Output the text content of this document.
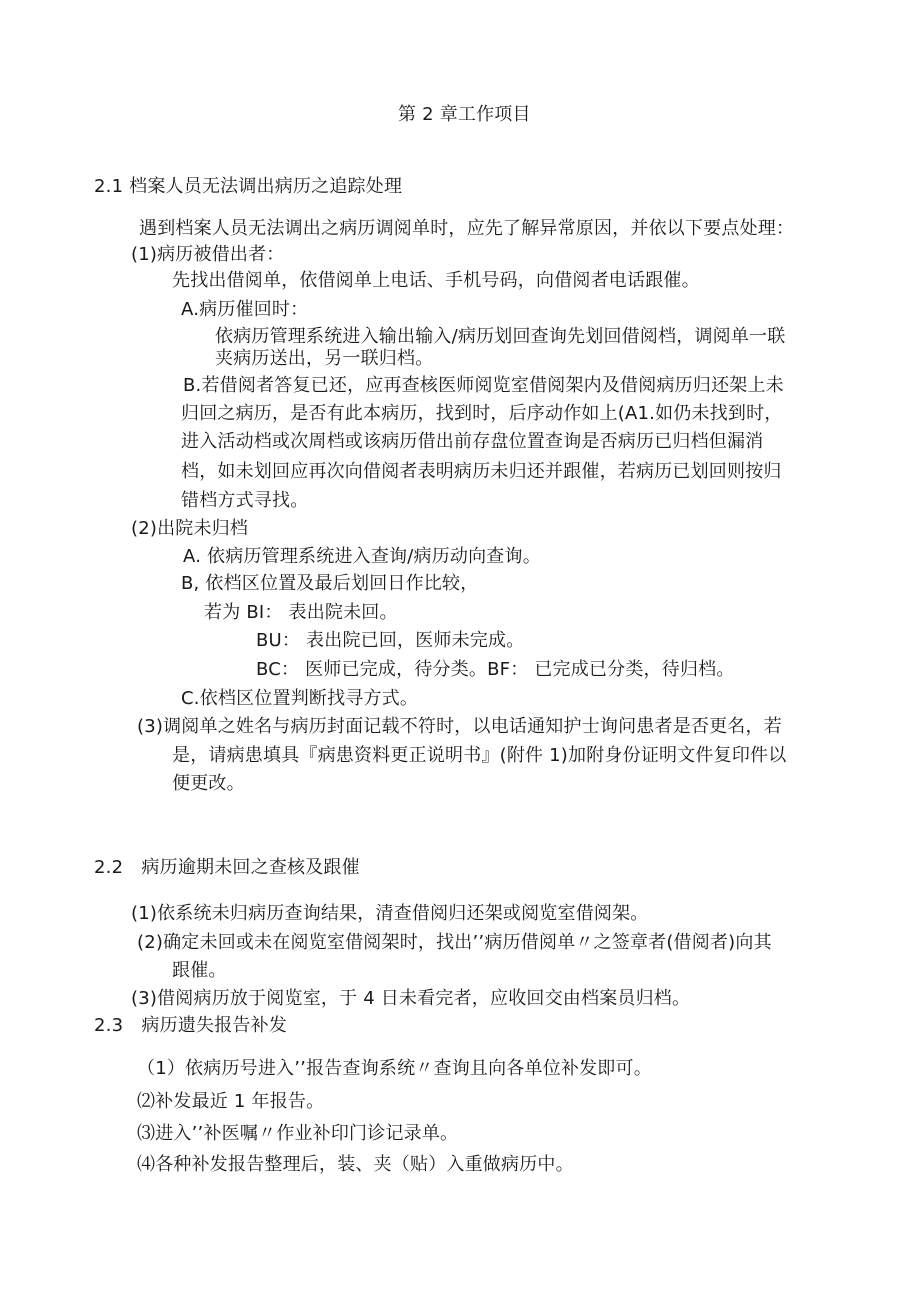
第 2 章工作项目
2.1 档案人员无法调出病历之追踪处理
遇到档案人员无法调出之病历调阅单时，应先了解异常原因，并依以下要点处理：
(1)病历被借出者：
先找出借阅单，依借阅单上电话、手机号码，向借阅者电话跟催。
A.病历催回时：
依病历管理系统进入输出输入/病历划回查询先划回借阅档，调阅单一联
夹病历送出，另一联归档。
B.若借阅者答复已还，应再查核医师阅览室借阅架内及借阅病历归还架上未
归回之病历，是否有此本病历，找到时，后序动作如上(A1.如仍未找到时，
进入活动档或次周档或该病历借出前存盘位置查询是否病历已归档但漏消
档，如未划回应再次向借阅者表明病历未归还并跟催，若病历已划回则按归
错档方式寻找。
(2)出院未归档
A. 依病历管理系统进入查询/病历动向查询。
B, 依档区位置及最后划回日作比较，
若为 BI： 表出院未回。
BU： 表出院已回，医师未完成。
BC： 医师已完成，待分类。BF： 已完成已分类，待归档。
C.依档区位置判断找寻方式。
(3)调阅单之姓名与病历封面记载不符时，以电话通知护士询问患者是否更名，若
是，请病患填具『病患资料更正说明书』(附件 1)加附身份证明文件复印件以
便更改。
2.2　病历逾期未回之查核及跟催
(1)依系统未归病历查询结果，清查借阅归还架或阅览室借阅架。
(2)确定未回或未在阅览室借阅架时，找出’’病历借阅单〃之签章者(借阅者)向其
跟催。
(3)借阅病历放于阅览室，于 4 日未看完者，应收回交由档案员归档。
2.3　病历遗失报告补发
（1）依病历号进入’’报告查询系统〃查询且向各单位补发即可。
⑵补发最近 1 年报告。
⑶进入’’补医嘱〃作业补印门诊记录单。
⑷各种补发报告整理后，装、夹（贴）入重做病历中。
